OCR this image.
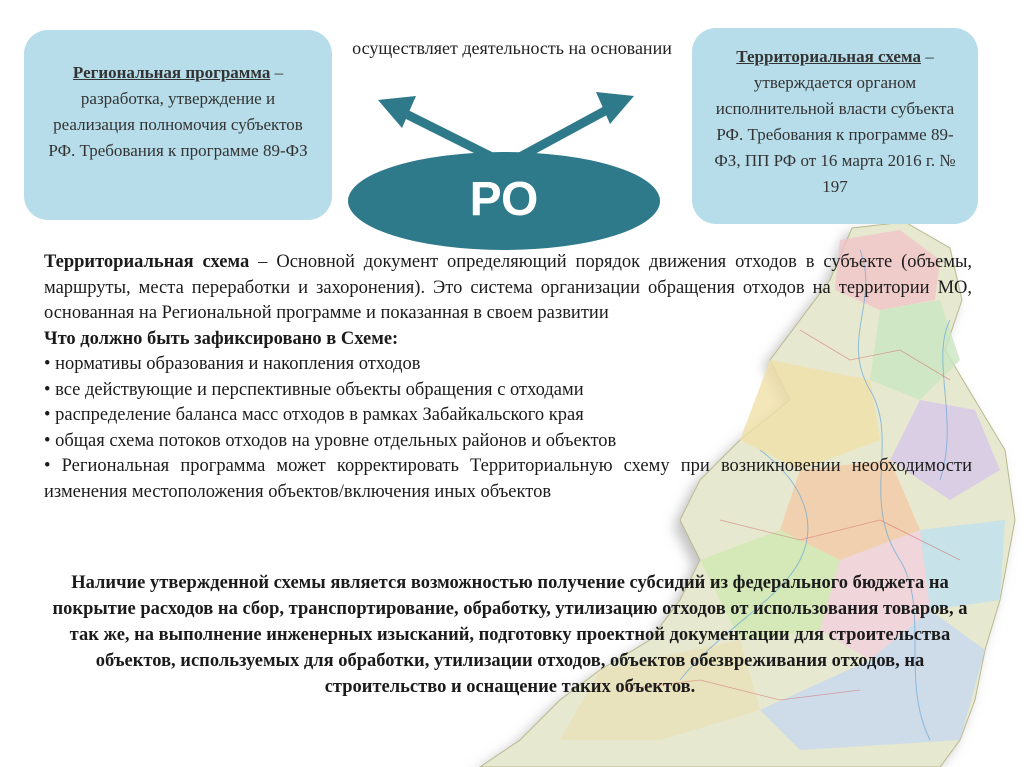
Региональная программа – разработка, утверждение и реализация полномочия субъектов РФ. Требования к программе 89-ФЗ
Территориальная схема – утверждается органом исполнительной власти субъекта РФ. Требования к программе 89-ФЗ, ПП РФ от 16 марта 2016 г. № 197
осуществляет деятельность на основании
РО

Территориальная схема – Основной документ определяющий порядок движения отходов в субъекте (объемы, маршруты, места переработки и захоронения). Это система организации обращения отходов на территории МО, основанная на Региональной программе и показанная в своем развитии

Что должно быть зафиксировано в Схеме:

• нормативы образования и накопления отходов

• все действующие и перспективные объекты обращения с отходами

• распределение баланса масс отходов в рамках Забайкальского края

• общая схема потоков отходов на уровне отдельных районов и объектов

• Региональная программа может корректировать Территориальную схему при возникновении необходимости изменения местоположения объектов/включения иных объектов

Наличие утвержденной схемы является возможностью получение субсидий из федерального бюджета на покрытие расходов на сбор, транспортирование, обработку, утилизацию отходов от использования товаров, а так же, на выполнение инженерных изысканий, подготовку проектной документации для строительства объектов, используемых для обработки, утилизации отходов, объектов обезвреживания отходов, на строительство и оснащение таких объектов.
